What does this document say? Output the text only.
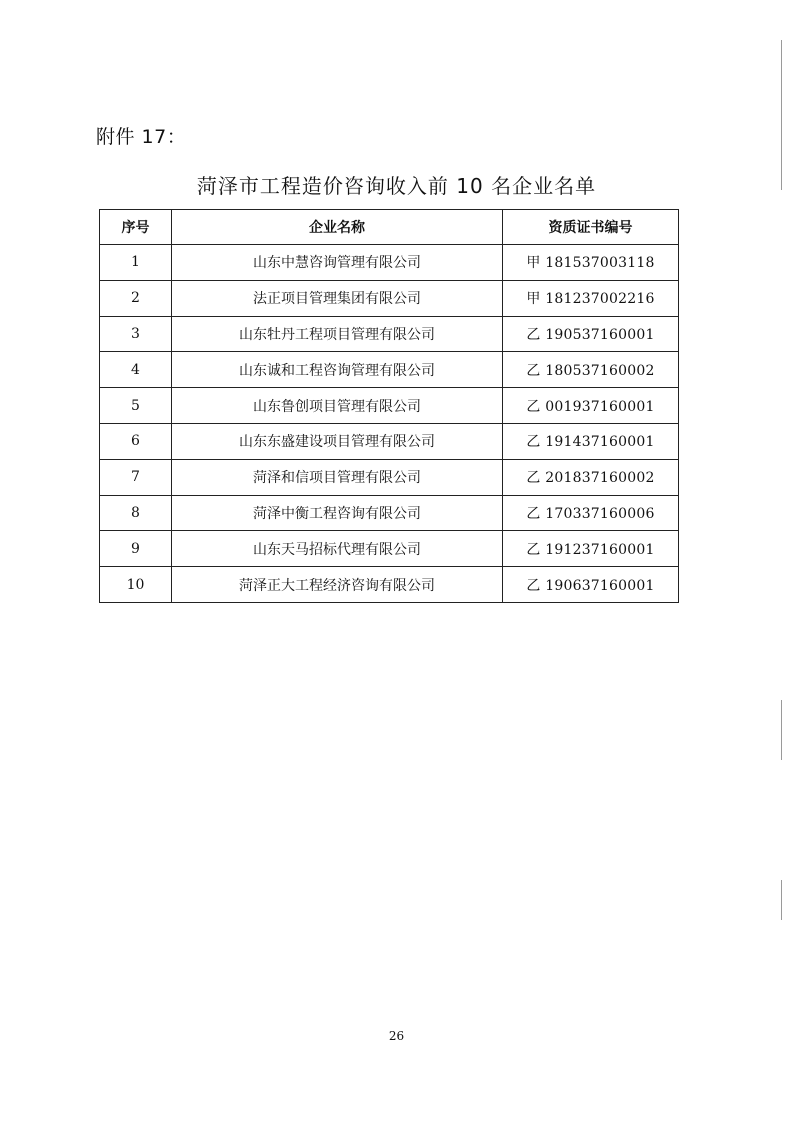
附件 17：
菏泽市工程造价咨询收入前 10 名企业名单
序号	企业名称	资质证书编号
1	山东中慧咨询管理有限公司	甲 181537003118
2	法正项目管理集团有限公司	甲 181237002216
3	山东牡丹工程项目管理有限公司	乙 190537160001
4	山东诚和工程咨询管理有限公司	乙 180537160002
5	山东鲁创项目管理有限公司	乙 001937160001
6	山东东盛建设项目管理有限公司	乙 191437160001
7	菏泽和信项目管理有限公司	乙 201837160002
8	菏泽中衡工程咨询有限公司	乙 170337160006
9	山东天马招标代理有限公司	乙 191237160001
10	菏泽正大工程经济咨询有限公司	乙 190637160001
26
